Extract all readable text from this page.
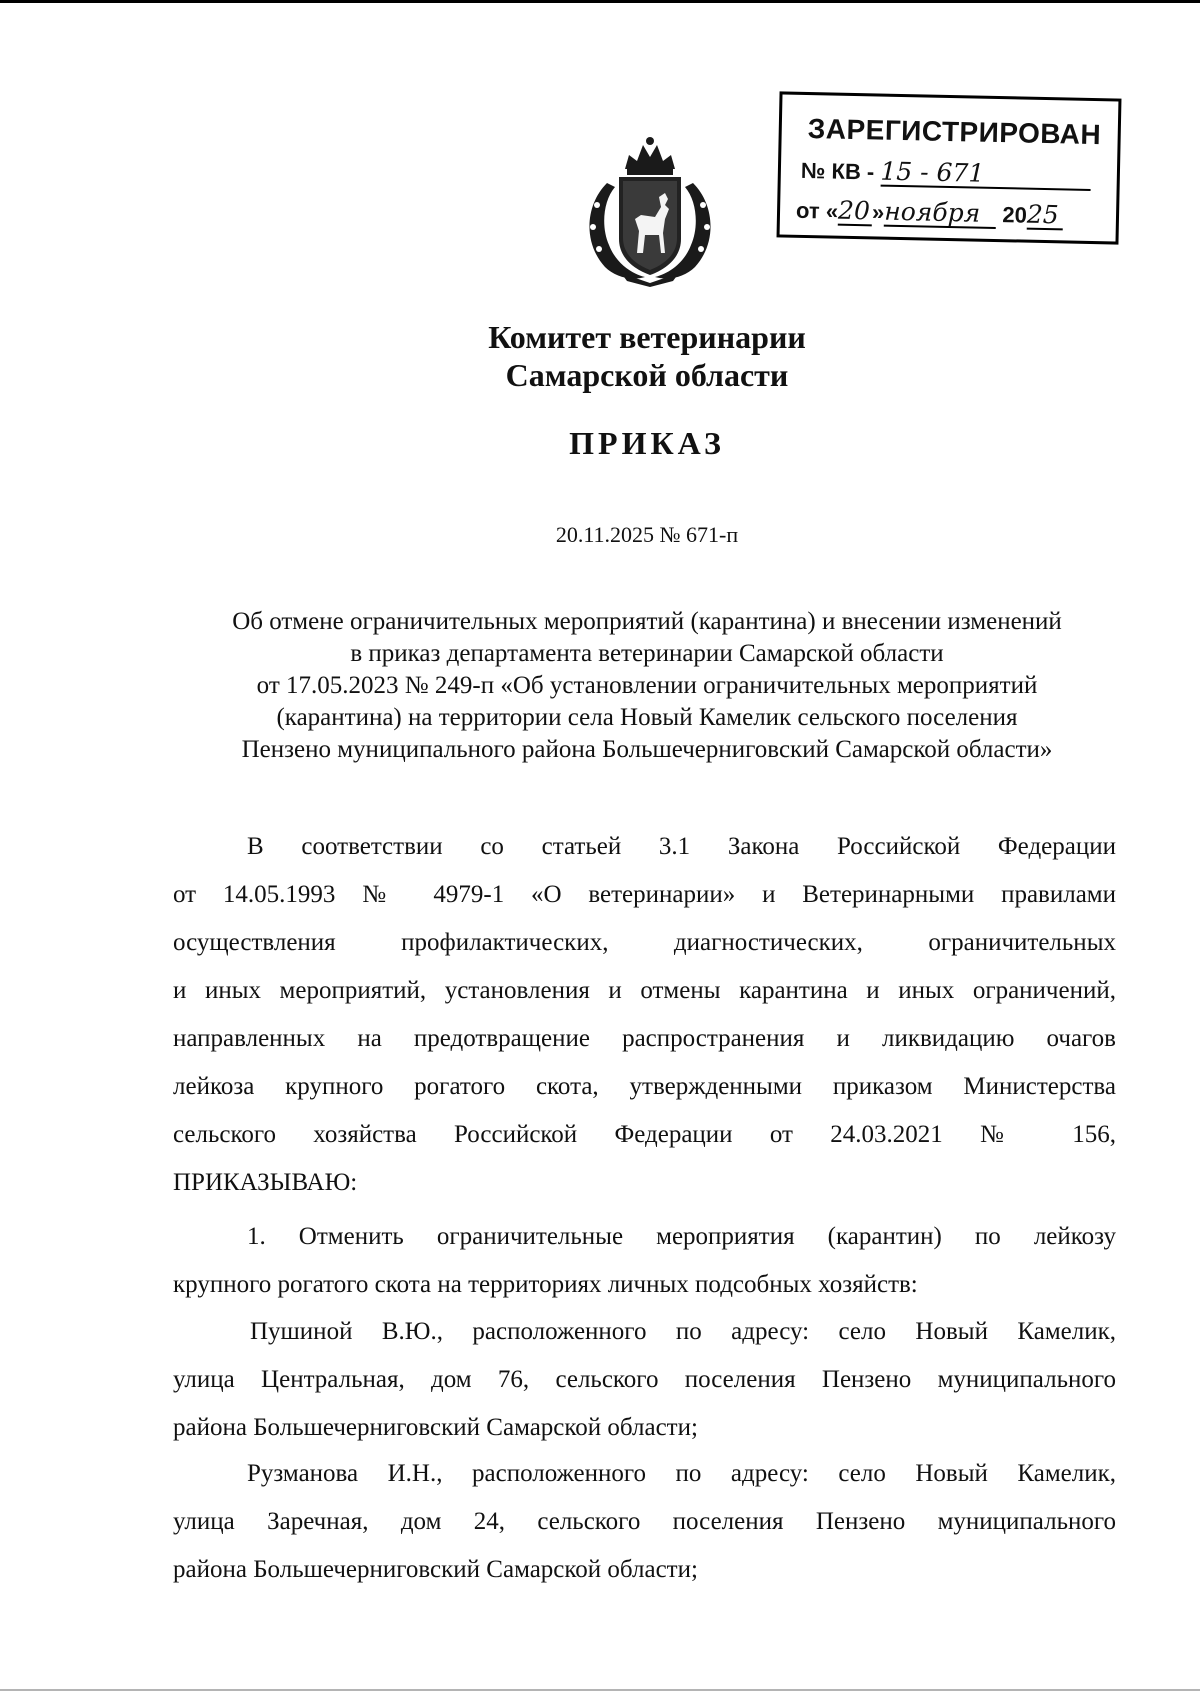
ЗАРЕГИСТРИРОВАН
№ КВ - 15 - 671
от «20»ноября 2025
Комитет ветеринарии
Самарской области
ПРИКАЗ
20.11.2025 № 671-п
Об отмене ограничительных мероприятий (карантина) и внесении изменений
в приказ департамента ветеринарии Самарской области
от 17.05.2023 № 249-п «Об установлении ограничительных мероприятий
(карантина) на территории села Новый Камелик сельского поселения
Пензено муниципального района Большечерниговский Самарской области»
В соответствии со статьей 3.1 Закона Российской Федерации
от 14.05.1993 № 4979-1 «О ветеринарии» и Ветеринарными правилами
осуществления профилактических, диагностических, ограничительных
и иных мероприятий, установления и отмены карантина и иных ограничений,
направленных на предотвращение распространения и ликвидацию очагов
лейкоза крупного рогатого скота, утвержденными приказом Министерства
сельского хозяйства Российской Федерации от 24.03.2021 № 156,
ПРИКАЗЫВАЮ:
1. Отменить ограничительные мероприятия (карантин) по лейкозу
крупного рогатого скота на территориях личных подсобных хозяйств:
Пушиной В.Ю., расположенного по адресу: село Новый Камелик,
улица Центральная, дом 76, сельского поселения Пензено муниципального
района Большечерниговский Самарской области;
Рузманова И.Н., расположенного по адресу: село Новый Камелик,
улица Заречная, дом 24, сельского поселения Пензено муниципального
района Большечерниговский Самарской области;
